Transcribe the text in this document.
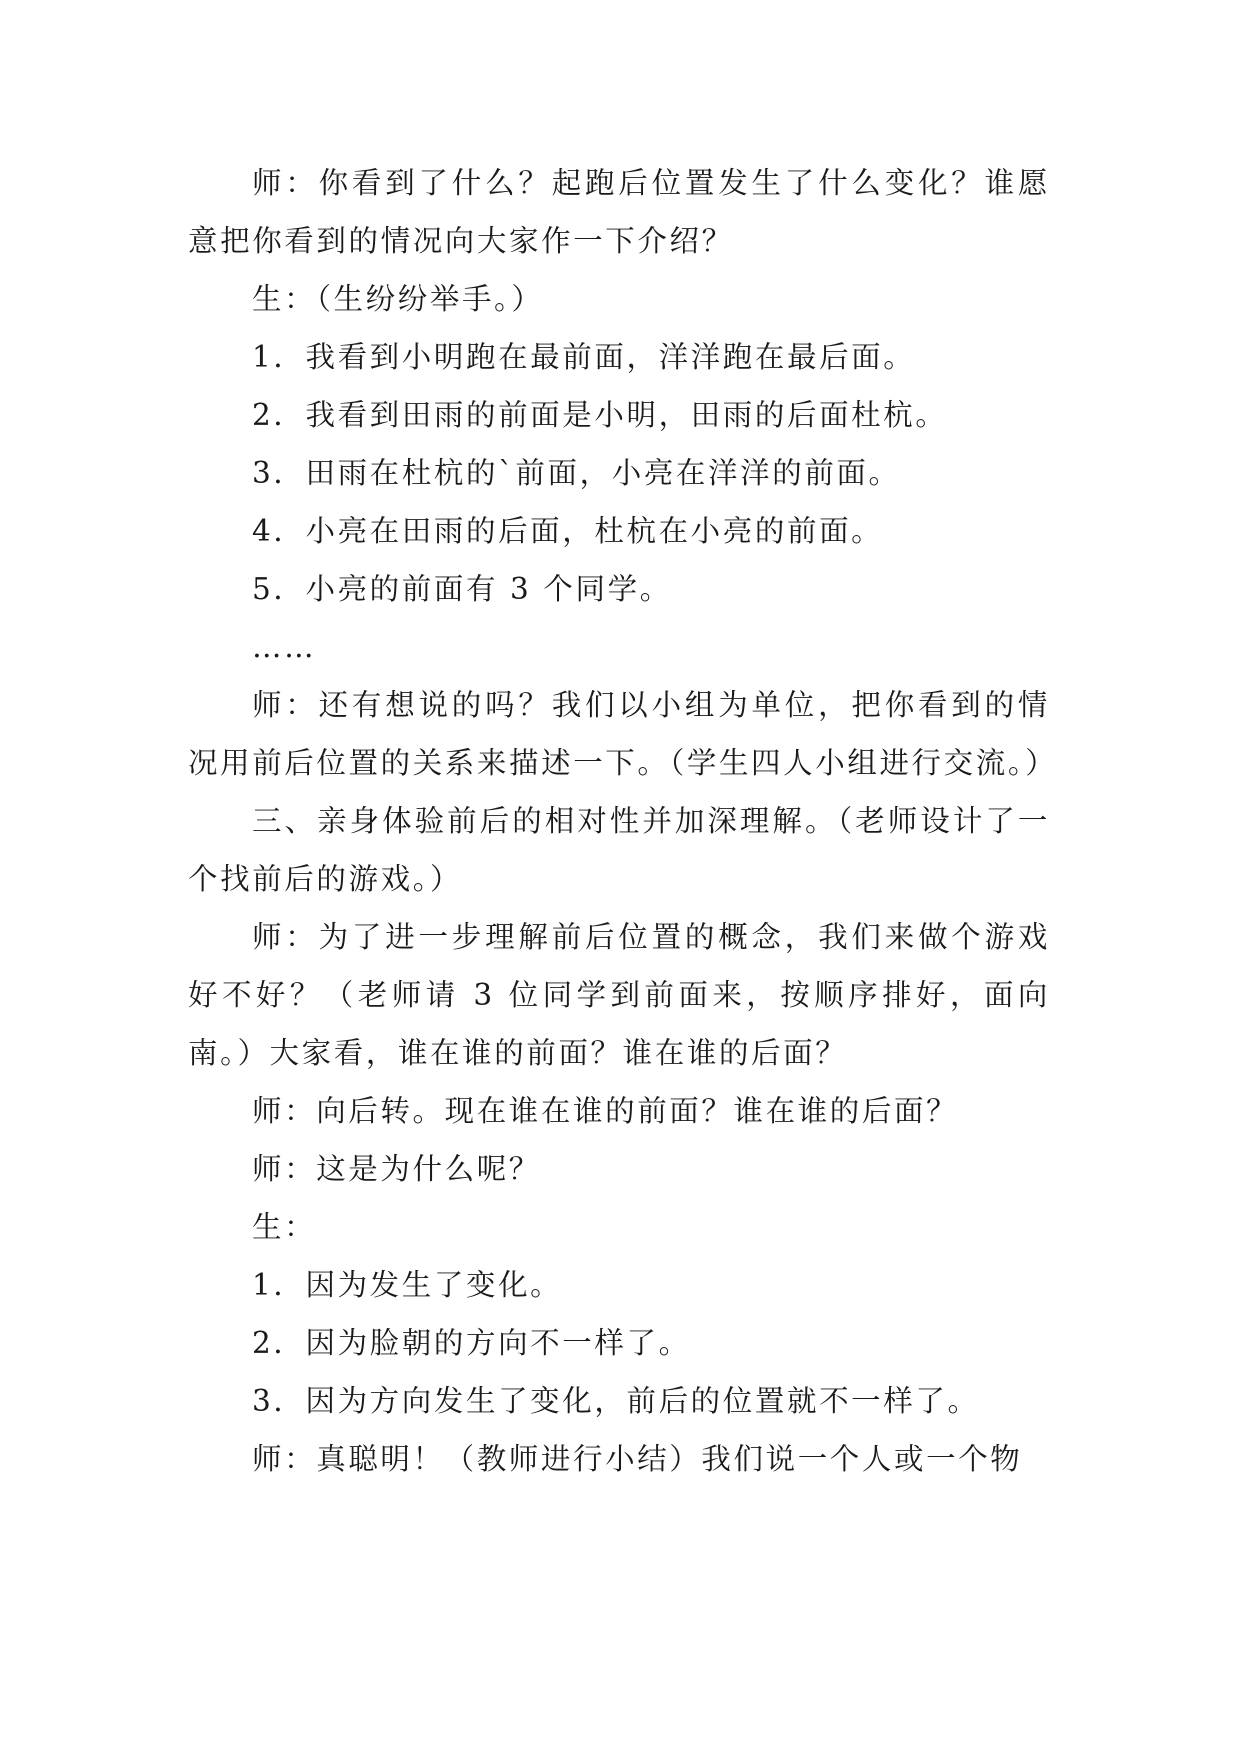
师：你看到了什么？起跑后位置发生了什么变化？谁愿意把你看到的情况向大家作一下介绍？

生：（生纷纷举手。）

1．我看到小明跑在最前面，洋洋跑在最后面。

2．我看到田雨的前面是小明，田雨的后面杜杭。

3．田雨在杜杭的`前面，小亮在洋洋的前面。

4．小亮在田雨的后面，杜杭在小亮的前面。

5．小亮的前面有 3 个同学。

……

师：还有想说的吗？我们以小组为单位，把你看到的情况用前后位置的关系来描述一下。（学生四人小组进行交流。）

三、亲身体验前后的相对性并加深理解。（老师设计了一个找前后的游戏。）

师：为了进一步理解前后位置的概念，我们来做个游戏好不好？（老师请 3 位同学到前面来，按顺序排好，面向南。）大家看，谁在谁的前面？谁在谁的后面？

师：向后转。现在谁在谁的前面？谁在谁的后面？

师：这是为什么呢？

生：

1．因为发生了变化。

2．因为脸朝的方向不一样了。

3．因为方向发生了变化，前后的位置就不一样了。

师：真聪明！（教师进行小结）我们说一个人或一个物
